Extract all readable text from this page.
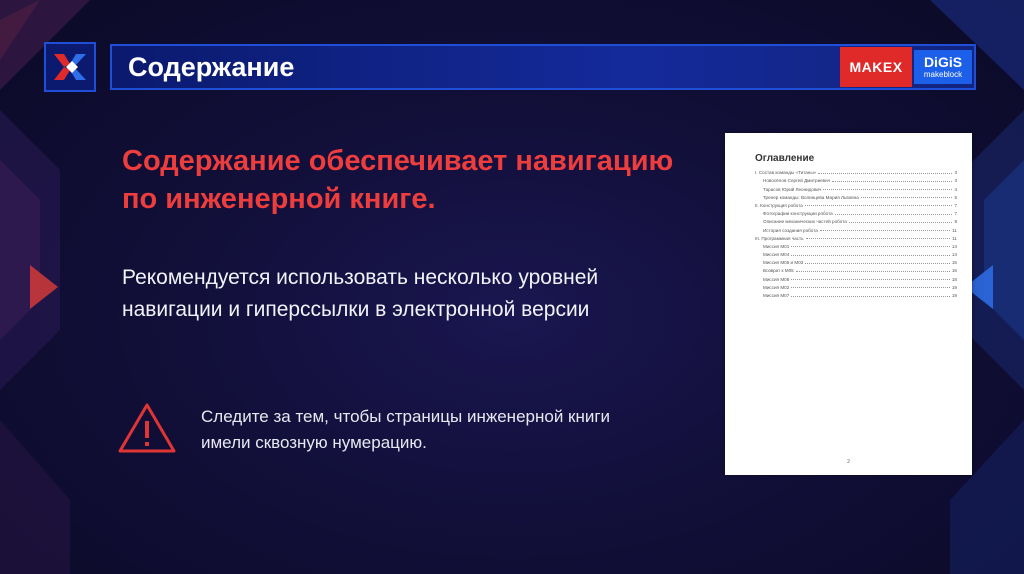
Содержание	MAKEX	DiGiS
makeblock
Содержание обеспечивает навигацию по инженерной книге.
Рекомендуется использовать несколько уровней навигации и гиперссылки в электронной версии
Следите за тем, чтобы страницы инженерной книги имели сквозную нумерацию.
Оглавление
I. Состав команды «Титаны»	3
Новосёлов Сергей Дмитриевич	3
Тарасов Юрий Леонидович	4
Тренер команды: Волинцева Мария Львовна	5
II. Конструкция робота	7
Фотографии конструкции робота	7
Описание механических частей робота	8
История создания робота	11
III. Программная часть	11
Миссия М01	14
Миссия М04	14
Миссия М05 и М03	15
Возврат к М05	16
Миссия М06	18
Миссия М02	19
Миссия М07	19
2
